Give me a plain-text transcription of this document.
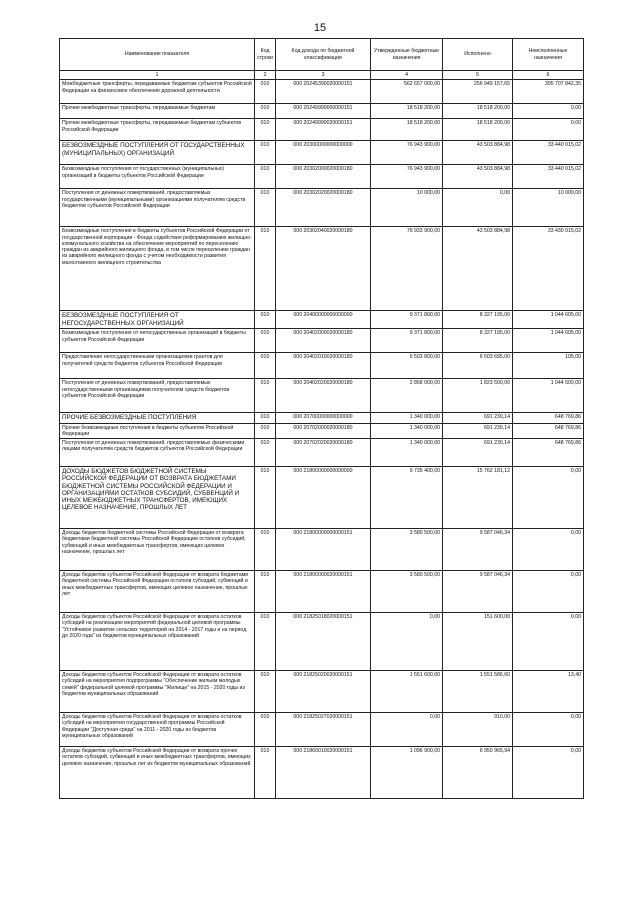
15
Наименование показателя	Код строки	Код дохода по бюджетной классификации	Утвержденные бюджетные назначения	Исполнено	Неисполненные назначения
1	2	3	4	5	6
Межбюджетные трансферты, передаваемые бюджетам субъектов Российской Федерации на финансовое обеспечение дорожной деятельности	010	000 20245390020000151	562 657 000,00	256 949 157,65	305 707 842,35
Прочие межбюджетные трансферты, передаваемые бюджетам	010	000 20249990000000151	18 518 200,00	18 518 200,00	0,00
Прочие межбюджетные трансферты, передаваемые бюджетам субъектов Российской Федерации	010	000 20249990020000151	18 518 200,00	18 518 200,00	0,00
БЕЗВОЗМЕЗДНЫЕ ПОСТУПЛЕНИЯ ОТ ГОСУДАРСТВЕННЫХ (МУНИЦИПАЛЬНЫХ) ОРГАНИЗАЦИЙ	010	000 20300000000000000	76 943 900,00	43 503 884,98	33 440 015,02
Безвозмездные поступления от государственных (муниципальных) организаций в бюджеты субъектов Российской Федерации	010	000 20302000020000180	76 943 900,00	43 503 884,98	33 440 015,02
Поступления от денежных пожертвований, предоставляемых государственными (муниципальными) организациями получателям средств бюджетов субъектов Российской Федерации	010	000 20302020020000180	10 000,00	0,00	10 000,00
Безвозмездные поступления в бюджеты субъектов Российской Федерации от государственной корпорации - Фонда содействия реформированию жилищно-коммунального хозяйства на обеспечение мероприятий по переселению граждан из аварийного жилищного фонда, в том числе переселению граждан из аварийного жилищного фонда с учетом необходимости развития малоэтажного жилищного строительства	010	000 20302040020000180	76 933 900,00	43 503 884,98	33 430 015,02
БЕЗВОЗМЕЗДНЫЕ ПОСТУПЛЕНИЯ ОТ НЕГОСУДАРСТВЕННЫХ ОРГАНИЗАЦИЙ	010	000 20400000000000000	9 371 800,00	8 327 195,00	1 044 605,00
Безвозмездные поступления от негосударственных организаций в бюджеты субъектов Российской Федерации	010	000 20402000020000180	9 371 800,00	8 327 195,00	1 044 605,00
Предоставление негосударственными организациями грантов для получателей средств бюджетов субъектов Российской Федерации	010	000 20402010020000180	6 503 800,00	6 503 695,00	105,00
Поступления от денежных пожертвований, предоставляемых негосударственными организациями получателям средств бюджетов субъектов Российской Федерации	010	000 20402020020000180	2 868 000,00	1 823 500,00	1 044 500,00
ПРОЧИЕ БЕЗВОЗМЕЗДНЫЕ ПОСТУПЛЕНИЯ	010	000 20700000000000000	1 340 000,00	691 230,14	648 769,86
Прочие безвозмездные поступления в бюджеты субъектов Российской Федерации	010	000 20702000020000180	1 340 000,00	691 230,14	648 769,86
Поступления от денежных пожертвований, предоставляемых физическими лицами получателям средств бюджетов субъектов Российской Федерации	010	000 20702020020000180	1 340 000,00	691 230,14	648 769,86
ДОХОДЫ БЮДЖЕТОВ БЮДЖЕТНОЙ СИСТЕМЫ РОССИЙСКОЙ ФЕДЕРАЦИИ ОТ ВОЗВРАТА БЮДЖЕТАМИ БЮДЖЕТНОЙ СИСТЕМЫ РОССИЙСКОЙ ФЕДЕРАЦИИ И ОРГАНИЗАЦИЯМИ ОСТАТКОВ СУБСИДИЙ, СУБВЕНЦИЙ И ИНЫХ МЕЖБЮДЖЕТНЫХ ТРАНСФЕРТОВ, ИМЕЮЩИХ ЦЕЛЕВОЕ НАЗНАЧЕНИЕ, ПРОШЛЫХ ЛЕТ	010	000 21800000000000000	9 735 400,00	15 762 181,12	0,00
Доходы бюджетов бюджетной системы Российской Федерации от возврата бюджетами бюджетной системы Российской Федерации остатков субсидий, субвенций и иных межбюджетных трансфертов, имеющих целевое назначение, прошлых лет	010	000 21800000000000151	3 580 500,00	9 587 046,34	0,00
Доходы бюджетов субъектов Российской Федерации от возврата бюджетами бюджетной системы Российской Федерации остатков субсидий, субвенций и иных межбюджетных трансфертов, имеющих целевое назначение, прошлых лет	010	000 21800000020000151	3 580 500,00	9 587 046,34	0,00
Доходы бюджетов субъектов Российской Федерации от возврата остатков субсидий на реализацию мероприятий федеральной целевой программы "Устойчивое развитие сельских территорий на 2014 - 2017 годы и на период до 2020 года" из бюджетов муниципальных образований	010	000 21825018020000151	0,00	151 600,00	0,00
Доходы бюджетов субъектов Российской Федерации от возврата остатков субсидий на мероприятия подпрограммы "Обеспечение жильем молодых семей" федеральной целевой программы "Жилище" на 2015 - 2020 годы из бюджетов муниципальных образований	010	000 21825020020000151	1 551 600,00	1 551 586,60	13,40
Доходы бюджетов субъектов Российской Федерации от возврата остатков субсидий на мероприятия государственной программы Российской Федерации "Доступная среда" на 2011 - 2020 годы из бюджетов муниципальных образований	010	000 21825027020000151	0,00	910,00	0,00
Доходы бюджетов субъектов Российской Федерации от возврата прочих остатков субсидий, субвенций и иных межбюджетных трансфертов, имеющих целевое назначение, прошлых лет из бюджетов муниципальных образований	010	000 21860010020000151	1 096 900,00	6 950 965,94	0,00
